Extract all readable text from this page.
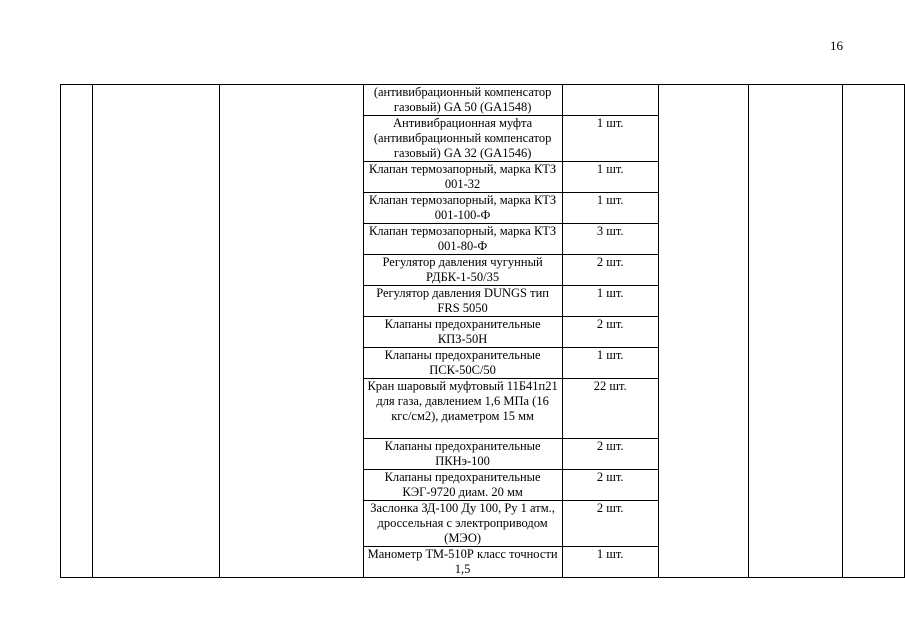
16
			(антивибрационный компенсатор газовый) GA 50 (GA1548)				
			Антивибрационная муфта (антивибрационный компенсатор газовый) GA 32 (GA1546)	1 шт.			
			Клапан термозапорный, марка КТЗ 001-32	1 шт.			
			Клапан термозапорный, марка КТЗ 001-100-Ф	1 шт.			
			Клапан термозапорный, марка КТЗ 001-80-Ф	3 шт.			
			Регулятор давления чугунный РДБК-1-50/35	2 шт.			
			Регулятор давления DUNGS тип FRS 5050	1 шт.			
			Клапаны предохранительные КПЗ-50Н	2 шт.			
			Клапаны предохранительные ПСК-50С/50	1 шт.			
			Кран шаровый муфтовый 11Б41п21 для газа, давлением 1,6 МПа (16 кгс/см2), диаметром 15 мм	22 шт.			
			Клапаны предохранительные ПКНэ-100	2 шт.			
			Клапаны предохранительные КЭГ-9720 диам. 20 мм	2 шт.			
			Заслонка ЗД-100 Ду 100, Ру 1 атм., дроссельная с электроприводом (МЭО)	2 шт.			
			Манометр ТМ-510Р класс точности 1,5	1 шт.			
